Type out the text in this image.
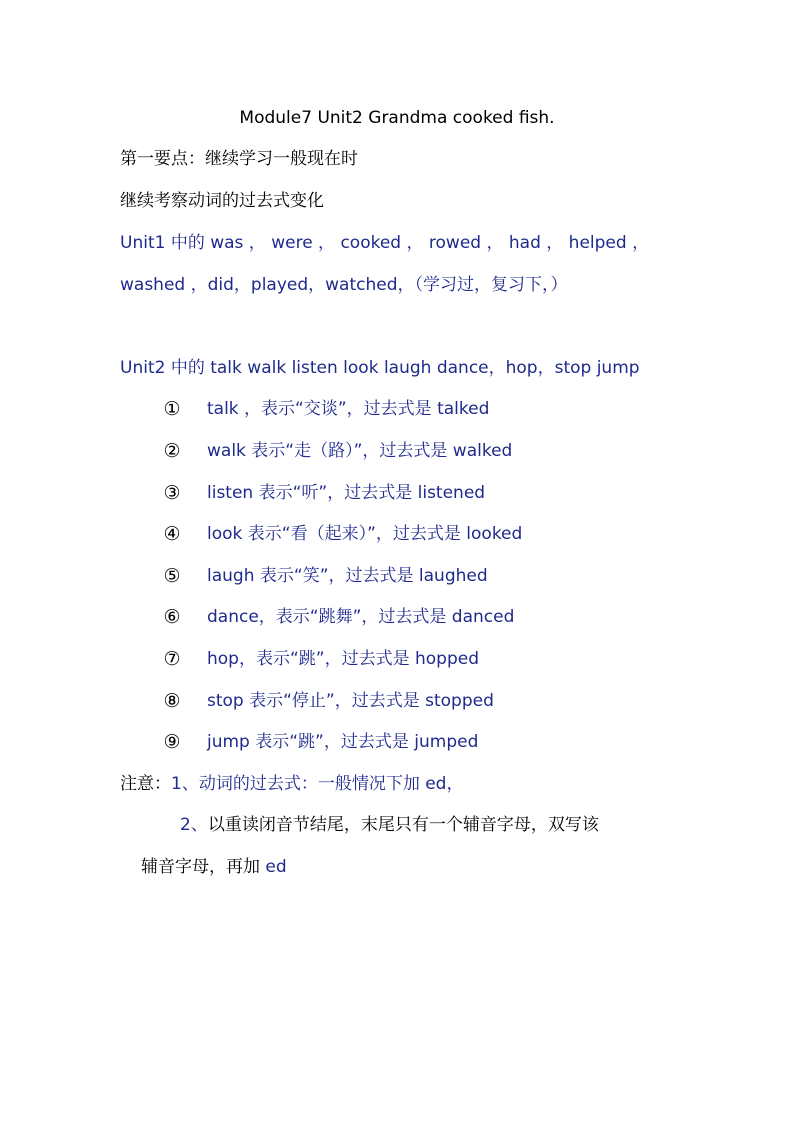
Module7 Unit2 Grandma cooked fish.
第一要点：继续学习一般现在时
继续考察动词的过去式变化
Unit1 中的 was ， were ， cooked ， rowed ， had ， helped ，
washed ，did，played，watched，（学习过，复习下，）
Unit2 中的 talk walk listen look laugh dance，hop，stop jump
① talk ，表示“交谈”，过去式是 talked
② walk 表示“走（路）”，过去式是 walked
③ listen 表示“听”，过去式是 listened
④ look 表示“看（起来）”，过去式是 looked
⑤ laugh 表示“笑”，过去式是 laughed
⑥ dance，表示“跳舞”，过去式是 danced
⑦ hop，表示“跳”，过去式是 hopped
⑧ stop 表示“停止”，过去式是 stopped
⑨ jump 表示“跳”，过去式是 jumped
注意：1、动词的过去式：一般情况下加 ed，
2、以重读闭音节结尾，末尾只有一个辅音字母，双写该
辅音字母，再加 ed
